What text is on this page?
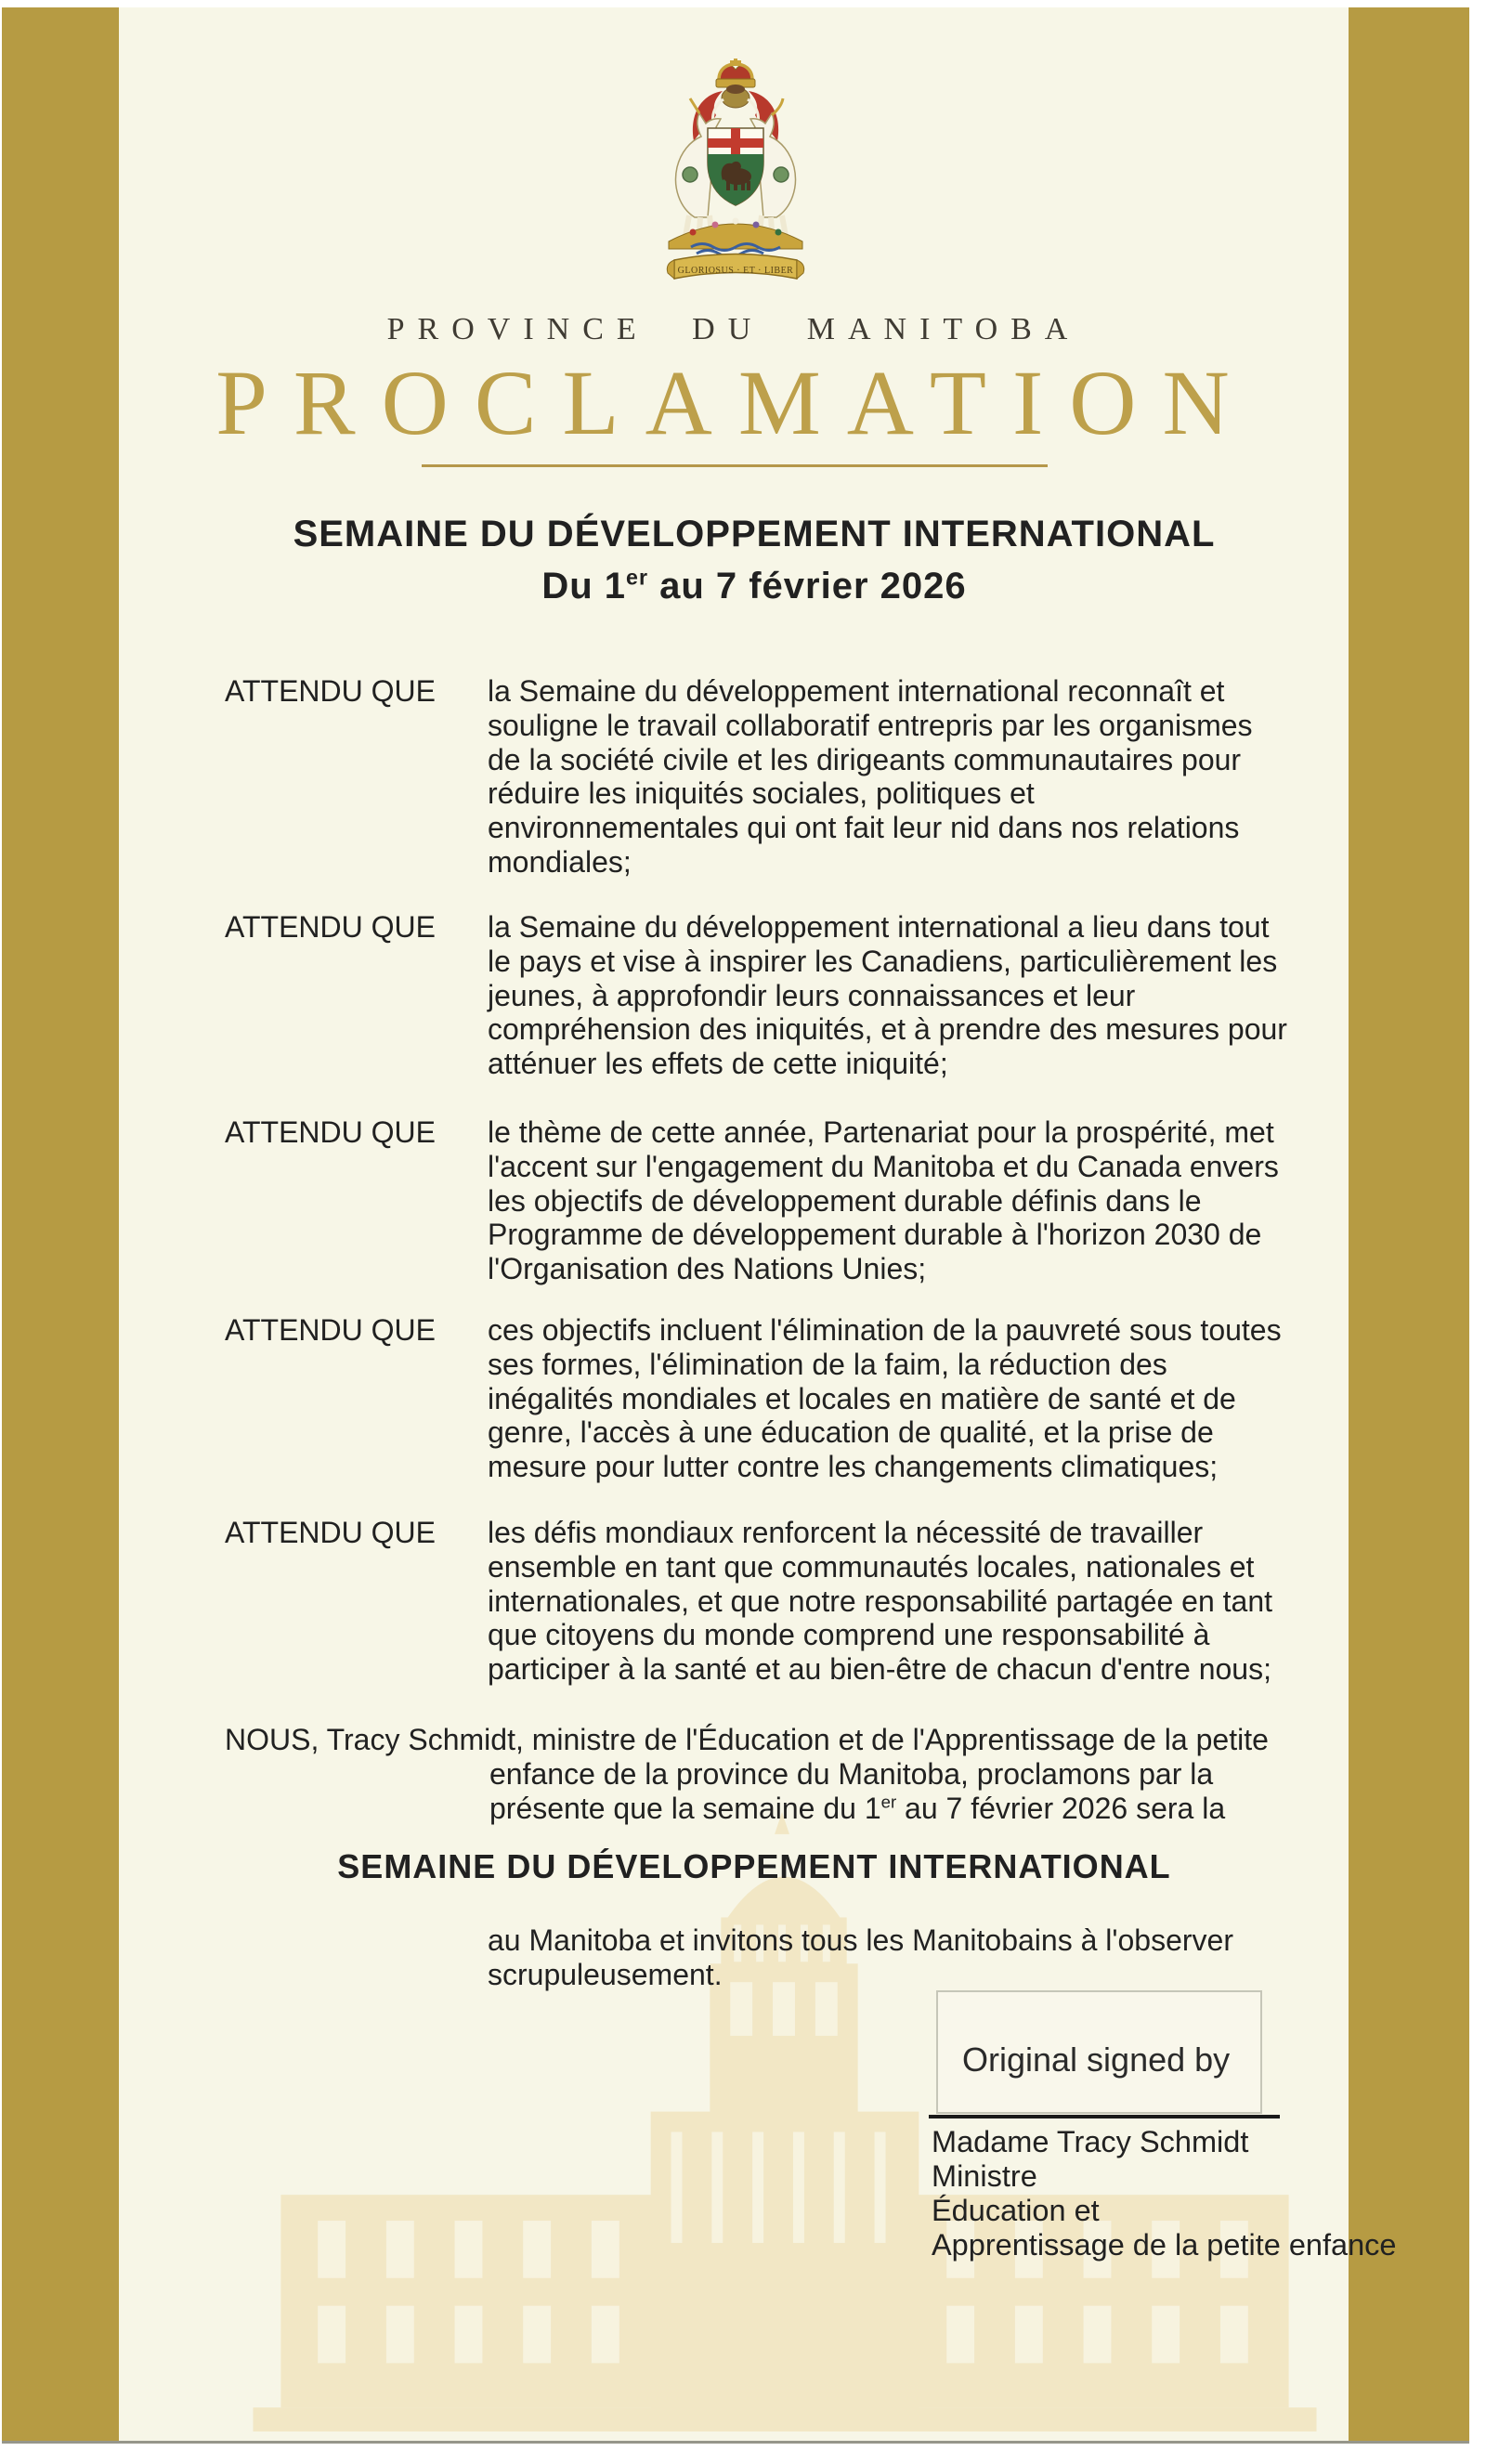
GLORIOSUS · ET · LIBER
PROVINCE DU MANITOBA
PROCLAMATION
SEMAINE DU DÉVELOPPEMENT INTERNATIONAL
Du 1er au 7 février 2026
ATTENDU QUE la Semaine du développement international reconnaît et
souligne le travail collaboratif entrepris par les organismes
de la société civile et les dirigeants communautaires pour
réduire les iniquités sociales, politiques et
environnementales qui ont fait leur nid dans nos relations
mondiales;
ATTENDU QUE la Semaine du développement international a lieu dans tout
le pays et vise à inspirer les Canadiens, particulièrement les
jeunes, à approfondir leurs connaissances et leur
compréhension des iniquités, et à prendre des mesures pour
atténuer les effets de cette iniquité;
ATTENDU QUE le thème de cette année, Partenariat pour la prospérité, met
l'accent sur l'engagement du Manitoba et du Canada envers
les objectifs de développement durable définis dans le
Programme de développement durable à l'horizon 2030 de
l'Organisation des Nations Unies;
ATTENDU QUE ces objectifs incluent l'élimination de la pauvreté sous toutes
ses formes, l'élimination de la faim, la réduction des
inégalités mondiales et locales en matière de santé et de
genre, l'accès à une éducation de qualité, et la prise de
mesure pour lutter contre les changements climatiques;
ATTENDU QUE les défis mondiaux renforcent la nécessité de travailler
ensemble en tant que communautés locales, nationales et
internationales, et que notre responsabilité partagée en tant
que citoyens du monde comprend une responsabilité à
participer à la santé et au bien-être de chacun d'entre nous;
NOUS, Tracy Schmidt, ministre de l'Éducation et de l'Apprentissage de la petite
enfance de la province du Manitoba, proclamons par la
présente que la semaine du 1er au 7 février 2026 sera la
SEMAINE DU DÉVELOPPEMENT INTERNATIONAL
au Manitoba et invitons tous les Manitobains à l'observer
scrupuleusement.
Original signed by
Madame Tracy Schmidt
Ministre
Éducation et
Apprentissage de la petite enfance
